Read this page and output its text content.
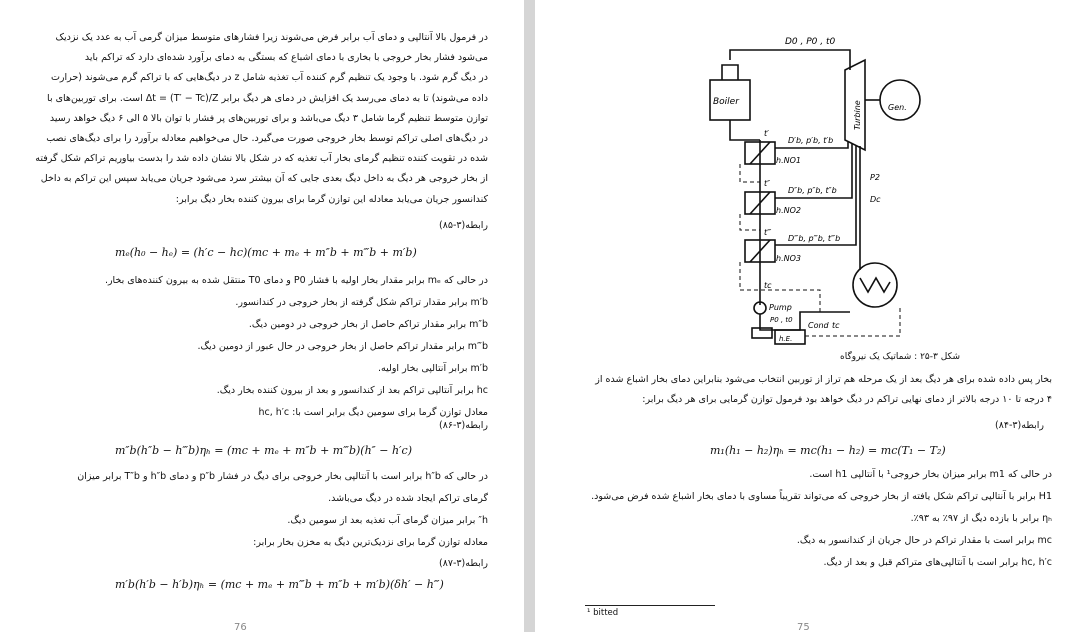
در فرمول بالا آنتالپی و دمای آب برابر فرض می‌شوند زیرا فشارهای متوسط میزان گرمی آب به عدد یک نزدیک
می‌شود فشار بخار خروجی با بخاری با دمای اشباع که بستگی به دمای برآورد شده‌ای دارد که تراکم باید
در دیگ گرم شود. با وجود یک تنظیم گرم کننده آب تغذیه شامل z در دیگ‌هایی که با تراکم گرم می‌شوند (حرارت
داده می‌شوند) تا به دمای می‌رسد یک افزایش در دمای هر دیگ برابر Δt = (T′ − Tc)/Z است. برای توربین‌های با
توازن متوسط تنظیم گرما شامل ۳ دیگ می‌باشد و برای توربین‌های پر فشار با توان بالا ۵ الی ۶ دیگ خواهد رسید
در دیگ‌های اصلی تراکم توسط بخار خروجی صورت می‌گیرد. حال می‌خواهیم معادله برآورد را برای دیگ‌های نصب
شده در تقویت کننده تنظیم گرمای بخار آب تغذیه که در شکل بالا نشان داده شد را بدست بیاوریم تراکم شکل گرفته
از بخار خروجی هر دیگ به داخل دیگ بعدی جایی که آن بیشتر سرد می‌شود جریان می‌یابد سپس این تراکم به داخل
کندانسور جریان می‌یابد معادله این توازن گرما برای بیرون کننده بخار دیگ برابر:
رابطه(۳-۸۵)
mₑ(h₀ − hₑ) = (h′c − hc)(mc + mₑ + m″b + m‴b + m′b)
در حالی که mₑ برابر مقدار بخار اولیه با فشار P0 و دمای T0 منتقل شده به بیرون کننده‌های بخار.
m′b برابر مقدار تراکم شکل گرفته از بخار خروجی در کندانسور.
m″b برابر مقدار تراکم حاصل از بخار خروجی در دومین دیگ.
m‴b برابر مقدار تراکم حاصل از بخار خروجی در حال عبور از دومین دیگ.
m′b برابر آنتالپی بخار اولیه.
hc برابر آنتالپی تراکم بعد از کندانسور و بعد از بیرون کننده بخار دیگ.
معادل توازن گرما برای سومین دیگ برابر است با: hc, h′c
رابطه(۳-۸۶)
m″b(h″b − h‴b)ηₕ = (mc + mₑ + m″b + m‴b)(h″ − h′c)
در حالی که h″b برابر است با آنتالپی بخار خروجی برای دیگ در فشار p″b و دمای h″b و T″b برابر میزان
گرمای تراکم ایجاد شده در دیگ می‌باشد.
h″ برابر میزان گرمای آب تغذیه بعد از سومین دیگ.
معادله توازن گرما برای نزدیک‌ترین دیگ به مخزن بخار برابر:
رابطه(۳-۸۷)
m′b(h′b − h′b)ηₕ = (mc + mₑ + m‴b + m″b + m′b)(δh′ − h‴)
76
D0 , P0 , t0
Boiler	Turbine	Gen.
h.NO1
h.NO2
h.NO3
D′b, p′b, t′b
D″b, p″b, t″b
D‴b, p‴b, t‴b
t′
t″
t‴
tc
Pump
P0 , t0
Cond tc
h.E.
P2
Dc
شکل ۳-۲۵ : شماتیک یک نیروگاه
بخار پس داده شده برای هر دیگ بعد از یک مرحله هم تراز از توربین انتخاب می‌شود بنابراین دمای بخار اشباع شده از
۴ درجه تا ۱۰ درجه بالاتر از دمای نهایی تراکم در دیگ خواهد بود فرمول توازن گرمایی برای هر دیگ برابر:
رابطه(۳-۸۴)
m₁(h₁ − h₂)ηₕ = mc(h₁ − h₂) = mc(T₁ − T₂)
در حالی که m1 برابر میزان بخار خروجی¹ با آنتالپی h1 است.
H1 برابر با آنتالپی تراکم شکل یافته از بخار خروجی که می‌تواند تقریباً مساوی با دمای بخار اشباع شده فرض می‌شود.
ηₕ برابر با بازده دیگ از ۹۷٪ به ۹۳٪.
mc برابر است با مقدار تراکم در حال جریان از کندانسور به دیگ.
hc, h′c برابر است با آنتالپی‌های متراکم قبل و بعد از دیگ.
¹ bitted
75
